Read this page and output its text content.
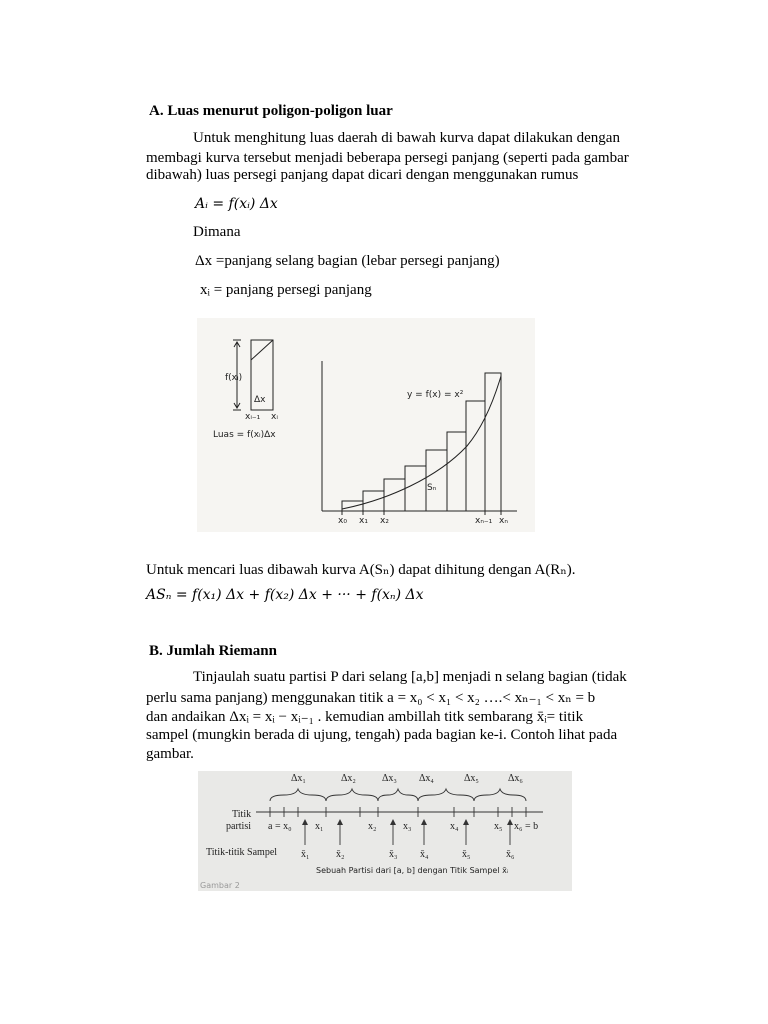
A. Luas menurut poligon-poligon luar
Untuk menghitung luas daerah di bawah kurva dapat dilakukan dengan
membagi kurva tersebut menjadi beberapa persegi panjang (seperti pada gambar
dibawah) luas persegi panjang dapat dicari dengan menggunakan rumus
Aᵢ = f(xᵢ) Δx
Dimana
Δx =panjang selang bagian (lebar persegi panjang)
xᵢ = panjang persegi panjang
f(xᵢ)
Δx
xᵢ₋₁ xᵢ
Luas = f(xᵢ)Δx
y = f(x) = x²
Sₙ
x₀ x₁ x₂	xₙ₋₁ xₙ
Untuk mencari luas dibawah kurva A(Sₙ) dapat dihitung dengan A(Rₙ).
ASₙ = f(x₁) Δx + f(x₂) Δx + ··· + f(xₙ) Δx
B. Jumlah Riemann
Tinjaulah suatu partisi P dari selang [a,b] menjadi n selang bagian (tidak
perlu sama panjang) menggunakan titik a = x₀ < x₁ < x₂ ….< xₙ₋₁ < xₙ = b
dan andaikan Δxᵢ = xᵢ − xᵢ₋₁ . kemudian ambillah titk sembarang x̄ᵢ= titik
sampel (mungkin berada di ujung, tengah) pada bagian ke-i. Contoh lihat pada
gambar.
Δx₁	Δx₂	Δx₃ Δx₄	Δx₅	Δx₆
Titik
partisi a = x₀ x₁	x₂	x₃	x₄	x₅ x₆ = b
Titik-titik Sampel x̄₁	x̄₂	x̄₃ x̄₄	x̄₅	x̄₆
Sebuah Partisi dari [a, b] dengan Titik Sampel x̄ᵢ
Gambar 2
